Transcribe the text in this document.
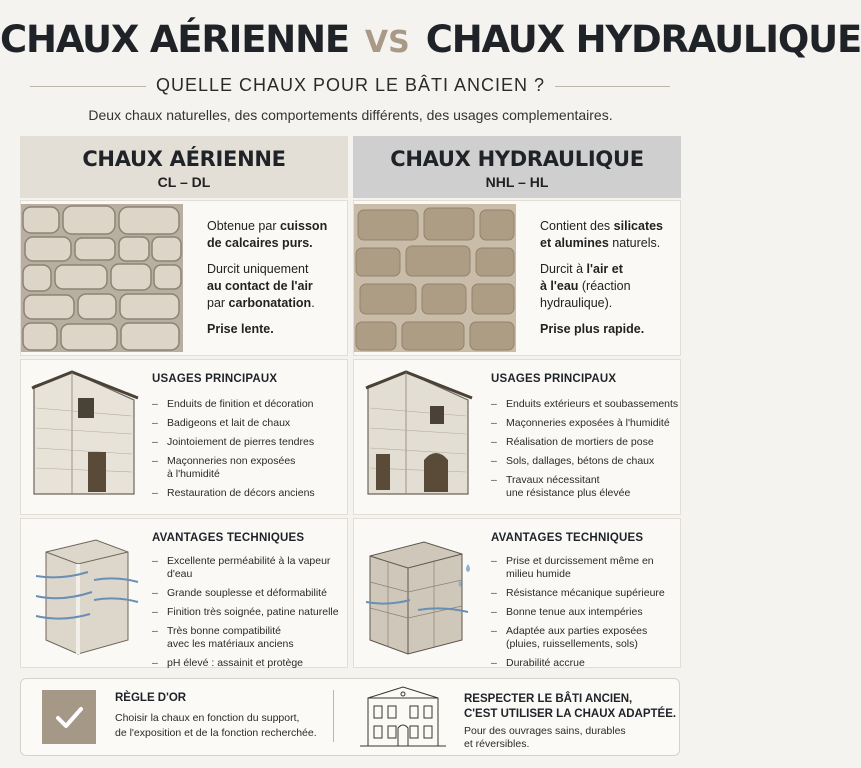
CHAUX AÉRIENNE VS CHAUX HYDRAULIQUE
QUELLE CHAUX POUR LE BÂTI ANCIEN ?
Deux chaux naturelles, des comportements différents, des usages complementaires.
CHAUX AÉRIENNE
CL – DL
CHAUX HYDRAULIQUE
NHL – HL

Obtenue par cuisson
de calcaires purs.

Durcit uniquement
au contact de l'air
par carbonatation.

Prise lente.

Contient des silicates
et alumines naturels.

Durcit à l'air et
à l'eau (réaction
hydraulique).

Prise plus rapide.

USAGES PRINCIPAUX
– Enduits de finition et décoration
– Badigeons et lait de chaux
– Jointoiement de pierres tendres
– Maçonneries non exposées
à l'humidité
– Restauration de décors anciens
USAGES PRINCIPAUX
– Enduits extérieurs et soubassements
– Maçonneries exposées à l'humidité
– Réalisation de mortiers de pose
– Sols, dallages, bétons de chaux
– Travaux nécessitant
une résistance plus élevée
AVANTAGES TECHNIQUES
– Excellente perméabilité à la vapeur d'eau
– Grande souplesse et déformabilité
– Finition très soignée, patine naturelle
– Très bonne compatibilité
avec les matériaux anciens
– pH élevé : assainit et protège
AVANTAGES TECHNIQUES
– Prise et durcissement même en
milieu humide
– Résistance mécanique supérieure
– Bonne tenue aux intempéries
– Adaptée aux parties exposées
(pluies, ruissellements, sols)
– Durabilité accrue
RÈGLE D'OR
Choisir la chaux en fonction du support,
de l'exposition et de la fonction recherchée.
RESPECTER LE BÂTI ANCIEN,
C'EST UTILISER LA CHAUX ADAPTÉE.
Pour des ouvrages sains, durables
et réversibles.
